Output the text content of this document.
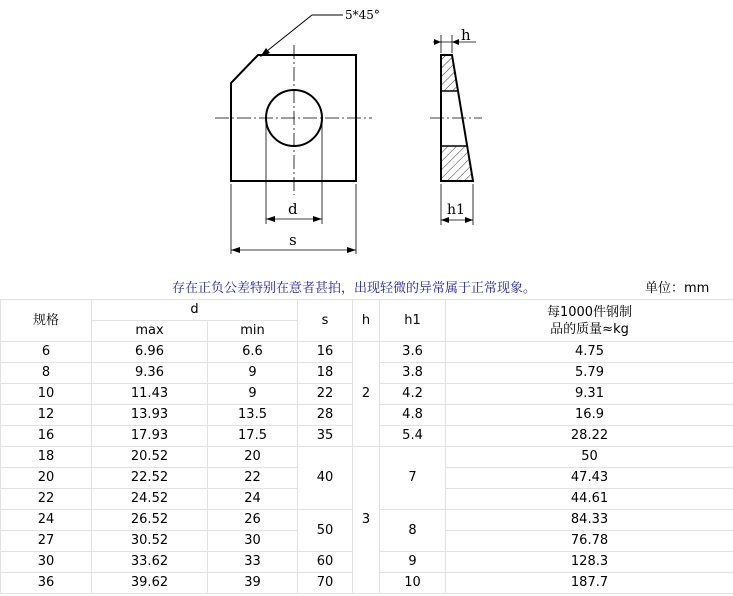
5*45°
d
s
h
h1
存在正负公差特别在意者甚拍，出现轻微的异常属于正常现象。	单位：mm
规格	d		s	h	h1	每1000件钢制
品的质量≈kg

	max	min				
6	6.96	6.6	16	2	3.6	4.75
8	9.36	9	18		3.8	5.79
10	11.43	9	22		4.2	9.31
12	13.93	13.5	28		4.8	16.9
16	17.93	17.5	35		5.4	28.22
18	20.52	20	40	3	7	50
20	22.52	22				47.43
22	24.52	24				44.61
24	26.52	26	50		8	84.33
27	30.52	30				76.78
30	33.62	33	60		9	128.3
36	39.62	39	70		10	187.7
